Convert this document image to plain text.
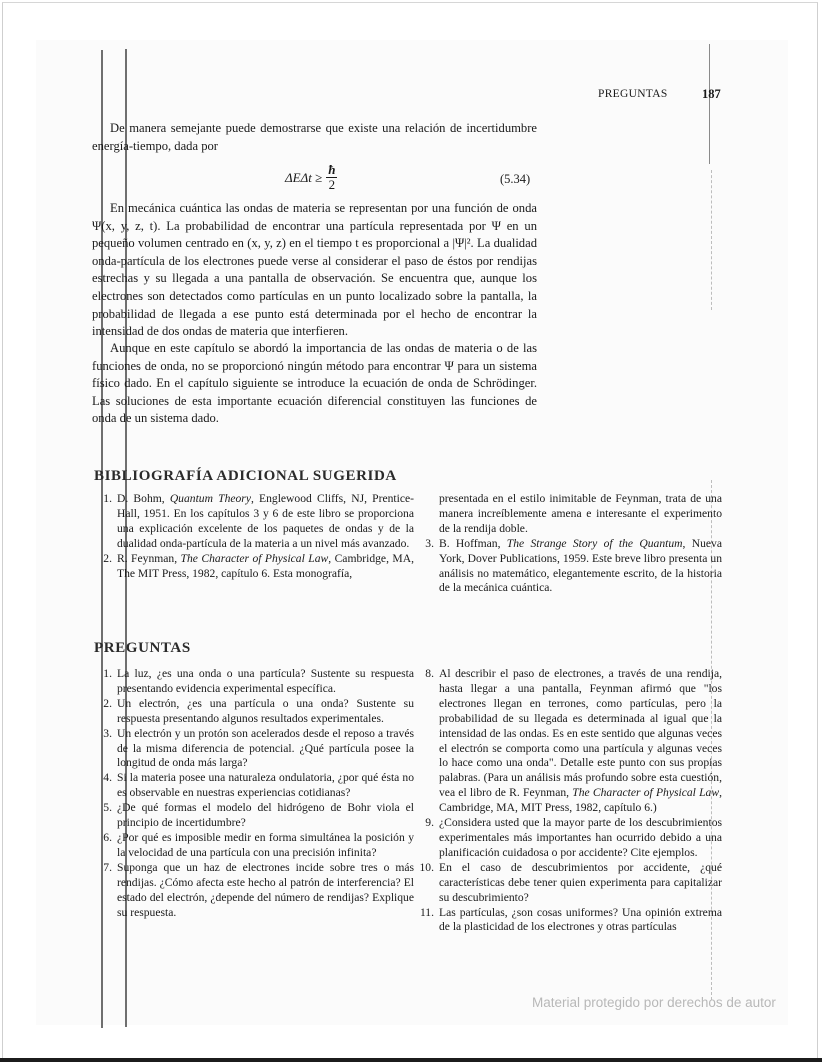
PREGUNTAS	187
De manera semejante puede demostrarse que existe una relación de incertidumbre energía-tiempo, dada por
$\Delta E\Delta t \ge \frac{ħ}{2}$	(5.34)
En mecánica cuántica las ondas de materia se representan por una función de onda Ψ(x, y, z, t). La probabilidad de encontrar una partícula representada por Ψ en un pequeño volumen centrado en (x, y, z) en el tiempo t es proporcional a |Ψ|². La dualidad onda-partícula de los electrones puede verse al considerar el paso de éstos por rendijas estrechas y su llegada a una pantalla de observación. Se encuentra que, aunque los electrones son detectados como partículas en un punto localizado sobre la pantalla, la probabilidad de llegada a ese punto está determinada por el hecho de encontrar la intensidad de dos ondas de materia que interfieren.
Aunque en este capítulo se abordó la importancia de las ondas de materia o de las funciones de onda, no se proporcionó ningún método para encontrar Ψ para un sistema físico dado. En el capítulo siguiente se introduce la ecuación de onda de Schrödinger. Las soluciones de esta importante ecuación diferencial constituyen las funciones de onda de un sistema dado.
BIBLIOGRAFÍA ADICIONAL SUGERIDA
1. D. Bohm, Quantum Theory, Englewood Cliffs, NJ, Prentice-Hall, 1951. En los capítulos 3 y 6 de este libro se proporciona una explicación excelente de los paquetes de ondas y de la dualidad onda-partícula de la materia a un nivel más avanzado.
2. R. Feynman, The Character of Physical Law, Cambridge, MA, The MIT Press, 1982, capítulo 6. Esta monografía,
presentada en el estilo inimitable de Feynman, trata de una manera increíblemente amena e interesante el experimento de la rendija doble.
3. B. Hoffman, The Strange Story of the Quantum, Nueva York, Dover Publications, 1959. Este breve libro presenta un análisis no matemático, elegantemente escrito, de la historia de la mecánica cuántica.
PREGUNTAS
1. La luz, ¿es una onda o una partícula? Sustente su respuesta presentando evidencia experimental específica.
2. Un electrón, ¿es una partícula o una onda? Sustente su respuesta presentando algunos resultados experimentales.
3. Un electrón y un protón son acelerados desde el reposo a través de la misma diferencia de potencial. ¿Qué partícula posee la longitud de onda más larga?
4. Si la materia posee una naturaleza ondulatoria, ¿por qué ésta no es observable en nuestras experiencias cotidianas?
5. ¿De qué formas el modelo del hidrógeno de Bohr viola el principio de incertidumbre?
6. ¿Por qué es imposible medir en forma simultánea la posición y la velocidad de una partícula con una precisión infinita?
7. Suponga que un haz de electrones incide sobre tres o más rendijas. ¿Cómo afecta este hecho al patrón de interferencia? El estado del electrón, ¿depende del número de rendijas? Explique su respuesta.
8. Al describir el paso de electrones, a través de una rendija, hasta llegar a una pantalla, Feynman afirmó que "los electrones llegan en terrones, como partículas, pero la probabilidad de su llegada es determinada al igual que la intensidad de las ondas. Es en este sentido que algunas veces el electrón se comporta como una partícula y algunas veces lo hace como una onda". Detalle este punto con sus propias palabras. (Para un análisis más profundo sobre esta cuestión, vea el libro de R. Feynman, The Character of Physical Law, Cambridge, MA, MIT Press, 1982, capítulo 6.)
9. ¿Considera usted que la mayor parte de los descubrimientos experimentales más importantes han ocurrido debido a una planificación cuidadosa o por accidente? Cite ejemplos.
10. En el caso de descubrimientos por accidente, ¿qué características debe tener quien experimenta para capitalizar su descubrimiento?
11. Las partículas, ¿son cosas uniformes? Una opinión extrema de la plasticidad de los electrones y otras partículas
Material protegido por derechos de autor
